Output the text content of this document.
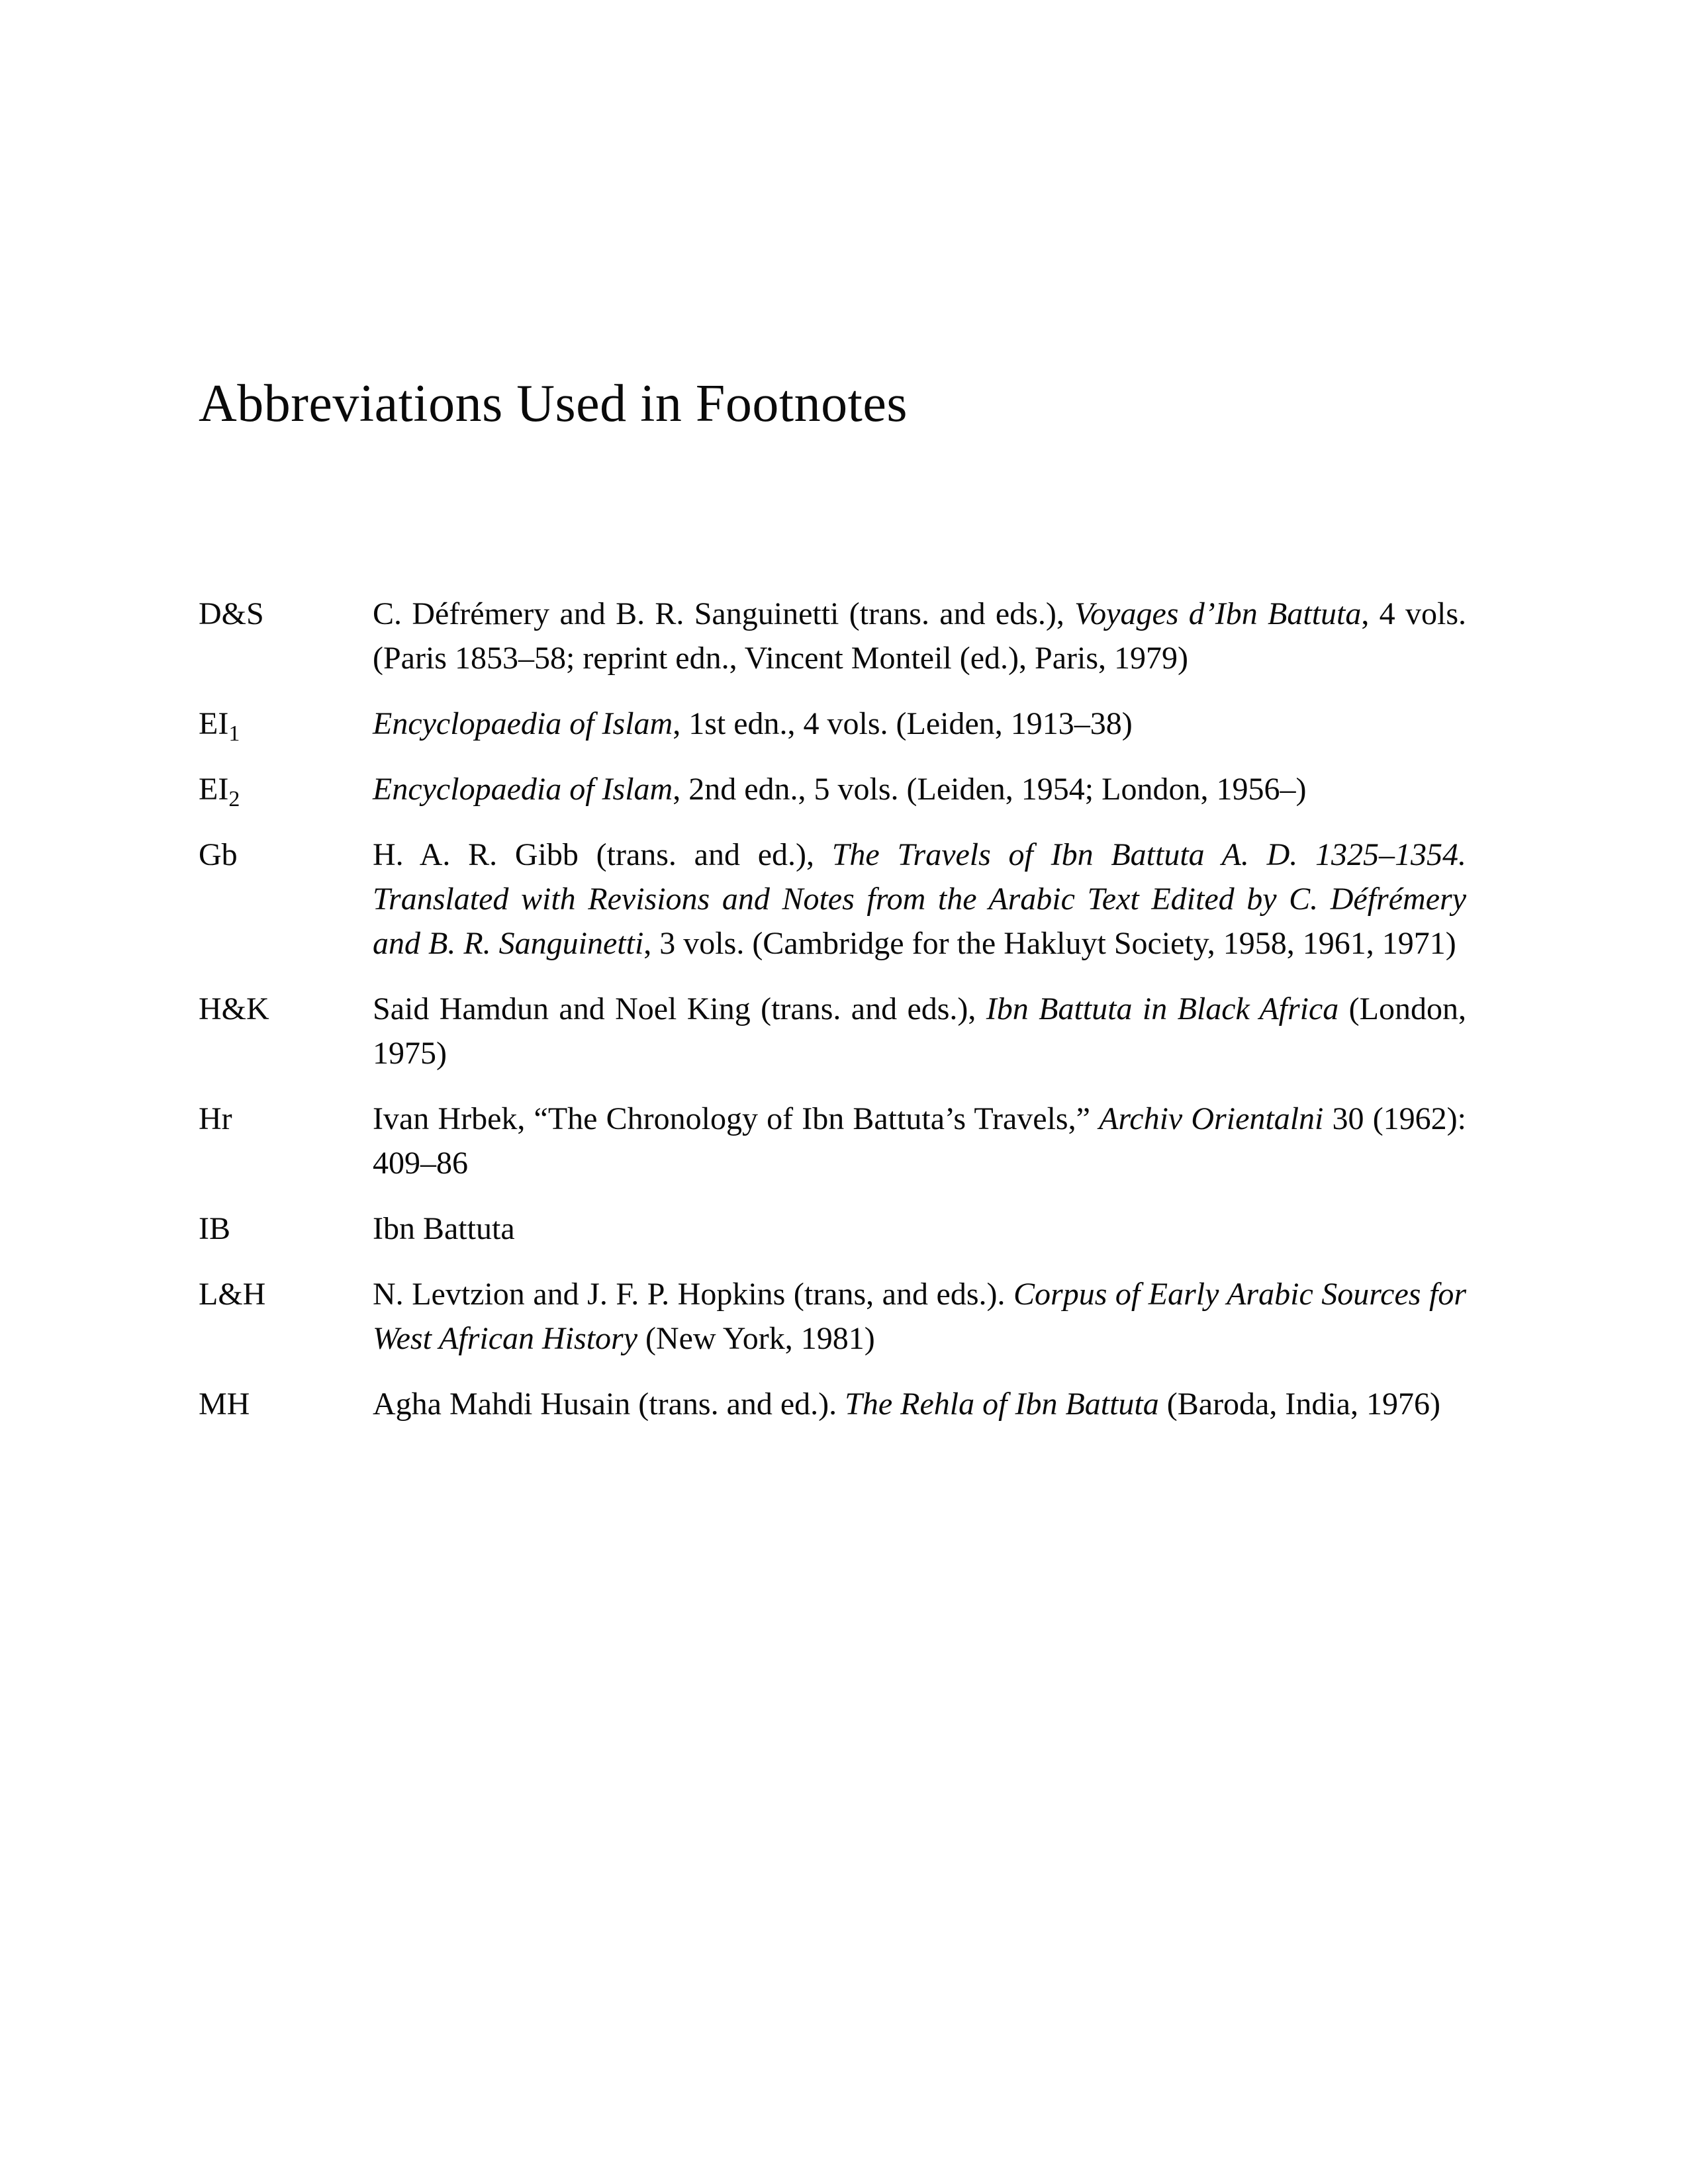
Abbreviations Used in Footnotes
D&S	C. Défrémery and B. R. Sanguinetti (trans. and eds.), Voyages d’Ibn Battuta, 4 vols. (Paris 1853–58; reprint edn., Vincent Monteil (ed.), Paris, 1979)
$EI_1$	Encyclopaedia of Islam, 1st edn., 4 vols. (Leiden, 1913–38)
$EI_2$	Encyclopaedia of Islam, 2nd edn., 5 vols. (Leiden, 1954; London, 1956–)
Gb	H. A. R. Gibb (trans. and ed.), The Travels of Ibn Battuta A. D. 1325–1354. Translated with Revisions and Notes from the Arabic Text Edited by C. Défrémery and B. R. Sanguinetti, 3 vols. (Cambridge for the Hakluyt Society, 1958, 1961, 1971)
H&K	Said Hamdun and Noel King (trans. and eds.), Ibn Battuta in Black Africa (London, 1975)
Hr	Ivan Hrbek, “The Chronology of Ibn Battuta’s Travels,” Archiv Orientalni 30 (1962): 409–86
IB	Ibn Battuta
L&H	N. Levtzion and J. F. P. Hopkins (trans, and eds.). Corpus of Early Arabic Sources for West African History (New York, 1981)
MH	Agha Mahdi Husain (trans. and ed.). The Rehla of Ibn Battuta (Baroda, India, 1976)
